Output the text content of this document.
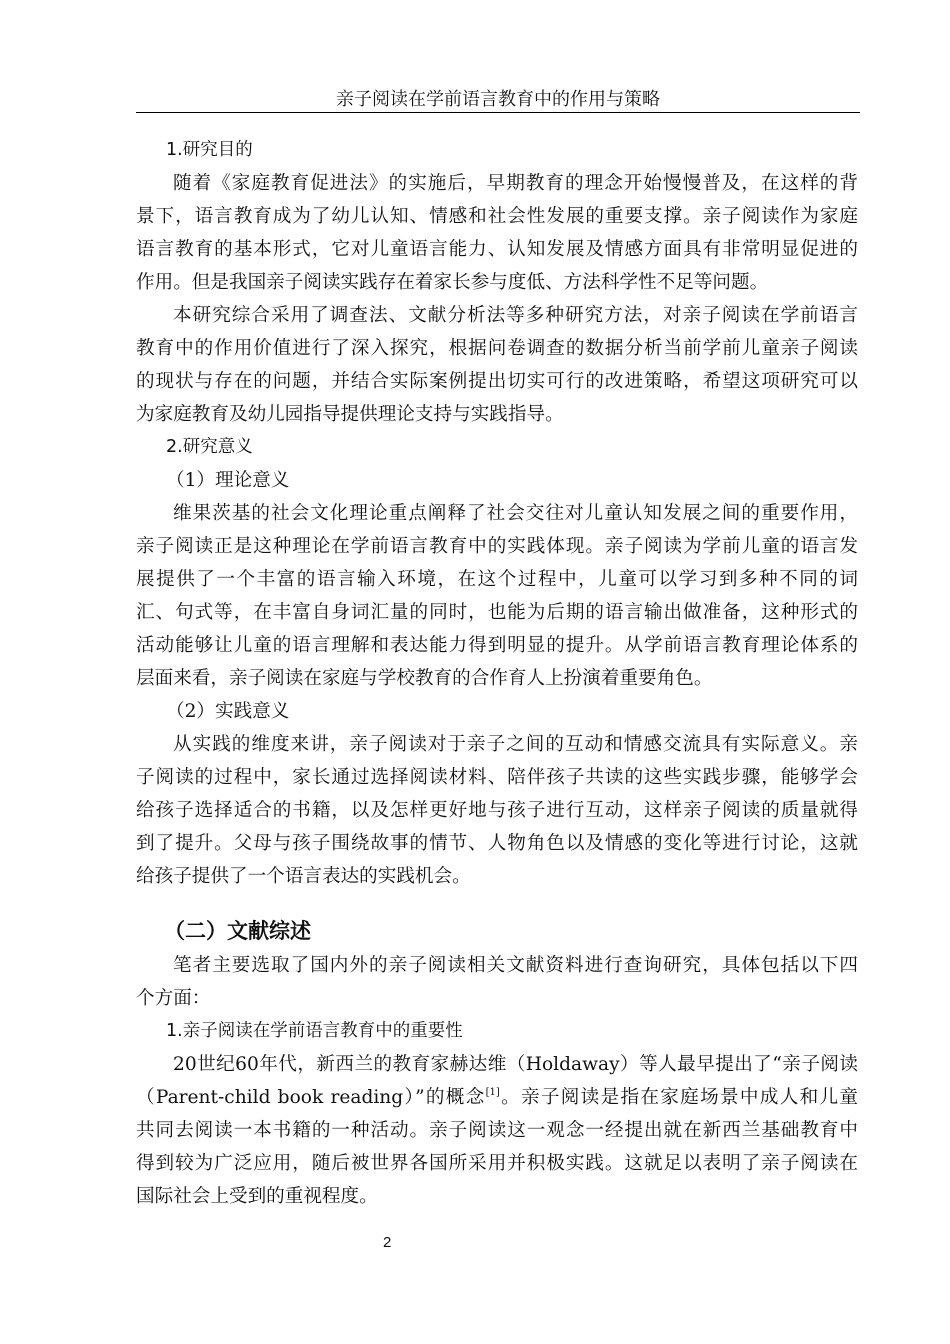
亲子阅读在学前语言教育中的作用与策略
1.研究目的
随着《家庭教育促进法》的实施后，早期教育的理念开始慢慢普及，在这样的背
景下，语言教育成为了幼儿认知、情感和社会性发展的重要支撑。亲子阅读作为家庭
语言教育的基本形式，它对儿童语言能力、认知发展及情感方面具有非常明显促进的
作用。但是我国亲子阅读实践存在着家长参与度低、方法科学性不足等问题。
本研究综合采用了调查法、文献分析法等多种研究方法，对亲子阅读在学前语言
教育中的作用价值进行了深入探究，根据问卷调查的数据分析当前学前儿童亲子阅读
的现状与存在的问题，并结合实际案例提出切实可行的改进策略，希望这项研究可以
为家庭教育及幼儿园指导提供理论支持与实践指导。
2.研究意义
（1）理论意义
维果茨基的社会文化理论重点阐释了社会交往对儿童认知发展之间的重要作用，
亲子阅读正是这种理论在学前语言教育中的实践体现。亲子阅读为学前儿童的语言发
展提供了一个丰富的语言输入环境，在这个过程中，儿童可以学习到多种不同的词
汇、句式等，在丰富自身词汇量的同时，也能为后期的语言输出做准备，这种形式的
活动能够让儿童的语言理解和表达能力得到明显的提升。从学前语言教育理论体系的
层面来看，亲子阅读在家庭与学校教育的合作育人上扮演着重要角色。
（2）实践意义
从实践的维度来讲，亲子阅读对于亲子之间的互动和情感交流具有实际意义。亲
子阅读的过程中，家长通过选择阅读材料、陪伴孩子共读的这些实践步骤，能够学会
给孩子选择适合的书籍，以及怎样更好地与孩子进行互动，这样亲子阅读的质量就得
到了提升。父母与孩子围绕故事的情节、人物角色以及情感的变化等进行讨论，这就
给孩子提供了一个语言表达的实践机会。
（二）文献综述
笔者主要选取了国内外的亲子阅读相关文献资料进行查询研究，具体包括以下四
个方面：
1.亲子阅读在学前语言教育中的重要性
20世纪60年代，新西兰的教育家赫达维（Holdaway）等人最早提出了“亲子阅读
（Parent-child book reading）”的概念[1]。亲子阅读是指在家庭场景中成人和儿童
共同去阅读一本书籍的一种活动。亲子阅读这一观念一经提出就在新西兰基础教育中
得到较为广泛应用，随后被世界各国所采用并积极实践。这就足以表明了亲子阅读在
国际社会上受到的重视程度。
2
